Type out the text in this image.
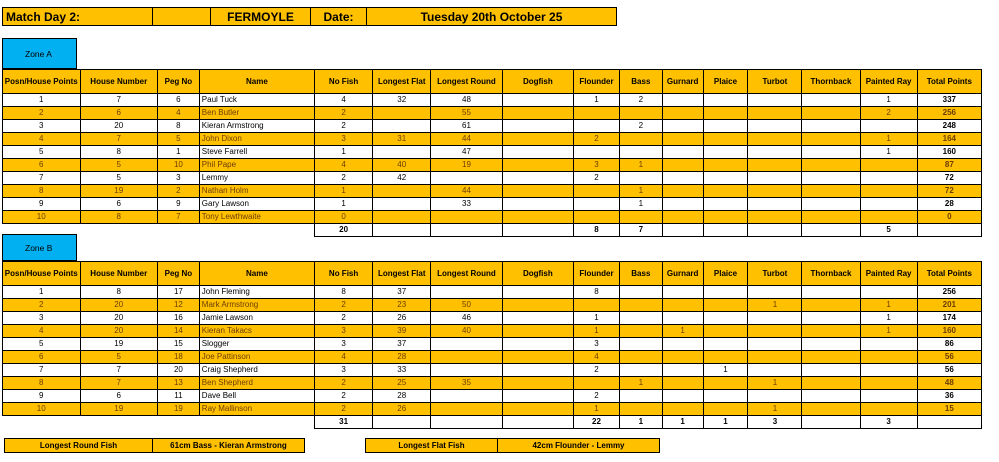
Match Day 2:	FERMOYLE	Date:	Tuesday 20th October 25
Zone A
Posn/House Points	House Number	Peg No	Name	No Fish	Longest Flat	Longest Round	Dogfish	Flounder	Bass	Gurnard	Plaice	Turbot	Thornback	Painted Ray	Total Points
1	7	6	Paul Tuck	4	32	48		1	2					1	337
2	6	4	Ben Butler	2		55								2	256
3	20	8	Kieran Armstrong	2		61			2						248
4	7	5	John Dixon	3	31	44		2						1	164
5	8	1	Steve Farrell	1		47								1	160
6	5	10	Phil Pape	4	40	19		3	1						87
7	5	3	Lemmy	2	42			2							72
8	19	2	Nathan Holm	1		44			1						72
9	6	9	Gary Lawson	1		33			1						28
10	8	7	Tony Lewthwaite	0											0
				20				8	7					5	
Zone B
Posn/House Points	House Number	Peg No	Name	No Fish	Longest Flat	Longest Round	Dogfish	Flounder	Bass	Gurnard	Plaice	Turbot	Thornback	Painted Ray	Total Points
1	8	17	John Fleming	8	37			8							256
2	20	12	Mark Armstrong	2	23	50						1		1	201
3	20	16	Jamie Lawson	2	26	46		1						1	174
4	20	14	Kieran Takacs	3	39	40		1		1				1	160
5	19	15	Slogger	3	37			3							86
6	5	18	Joe Pattinson	4	28			4							56
7	7	20	Craig Shepherd	3	33			2			1				56
8	7	13	Ben Shepherd	2	25	35			1			1			48
9	6	11	Dave Bell	2	28			2							36
10	19	19	Ray Mallinson	2	26			1				1			15
				31				22	1	1	1	3		3	
Longest Round Fish	61cm Bass - Kieran Armstrong	Longest Flat Fish	42cm Flounder - Lemmy
